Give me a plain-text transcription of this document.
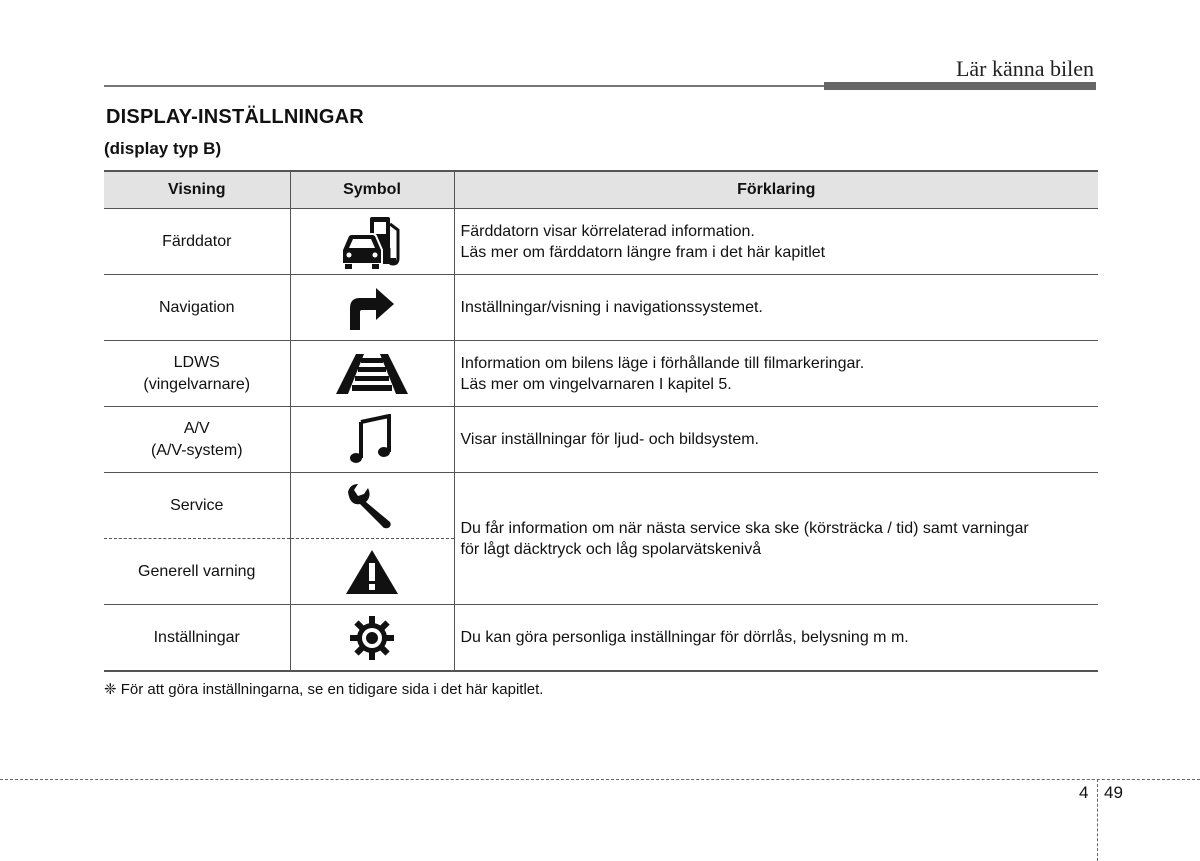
Lär känna bilen
DISPLAY-INSTÄLLNINGAR
(display typ B)
Visning	Symbol	Förklaring

Färddator		Färddatorn visar körrelaterad information.
Läs mer om färddatorn längre fram i det här kapitlet

Navigation		Inställningar/visning i navigationssystemet.

LDWS
(vingelvarnare)		Information om bilens läge i förhållande till filmarkeringar.
Läs mer om vingelvarnaren I kapitel 5.

A/V
(A/V-system)		Visar inställningar för ljud- och bildsystem.

Service		Du får information om när nästa service ska ske (körsträcka / tid) samt varningar
för lågt däcktryck och låg spolarvätskenivå

Generell varning

Inställningar		Du kan göra personliga inställningar för dörrlås, belysning m m.
❈ För att göra inställningarna, se en tidigare sida i det här kapitlet.
4 49
